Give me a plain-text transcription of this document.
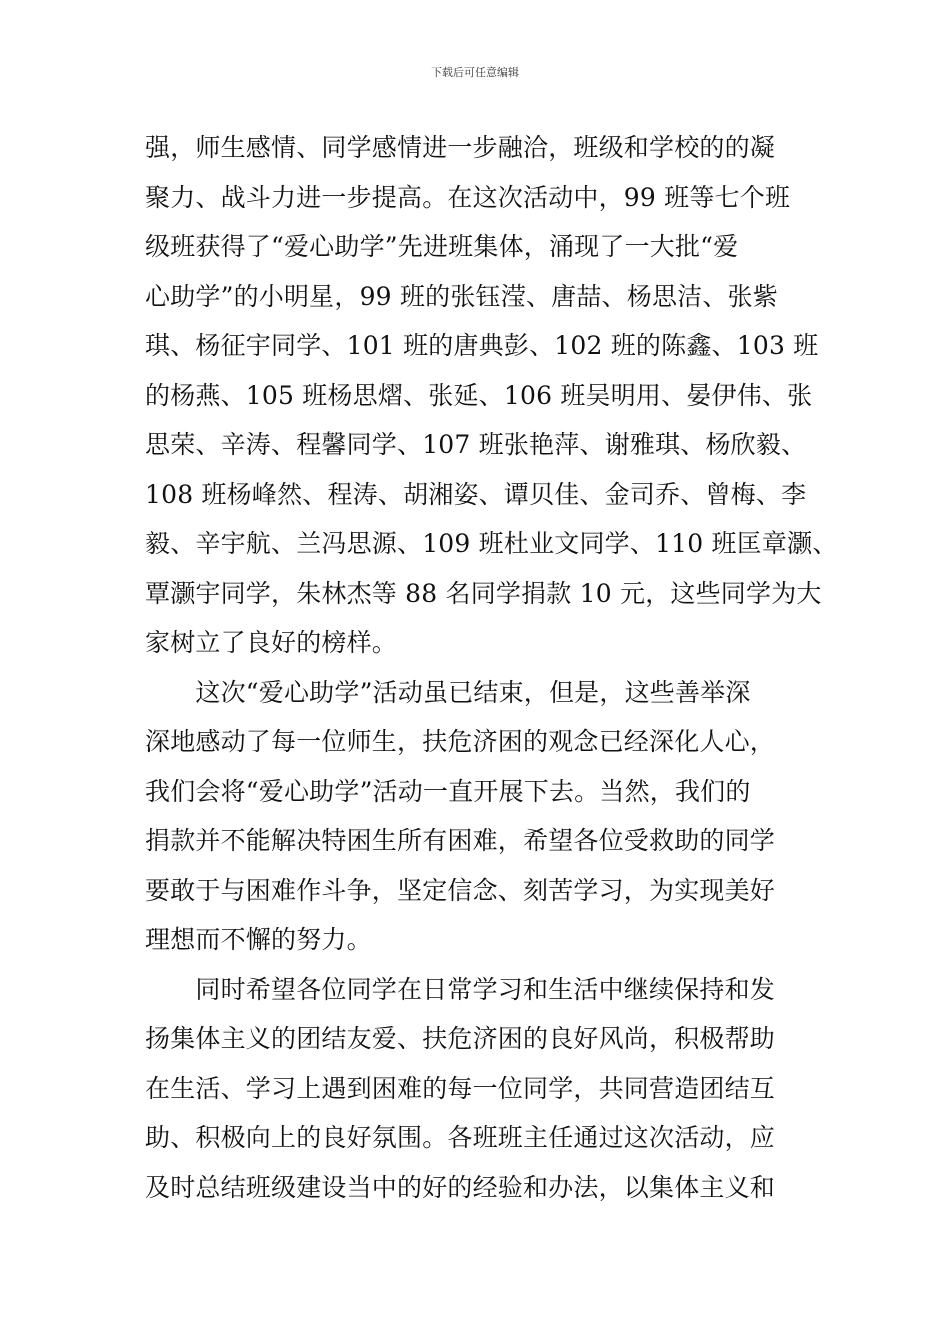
下载后可任意编辑
强，师生感情、同学感情进一步融洽，班级和学校的的凝
聚力、战斗力进一步提高。在这次活动中，99 班等七个班
级班获得了“爱心助学”先进班集体，涌现了一大批“爱
心助学”的小明星，99 班的张钰滢、唐喆、杨思洁、张紫
琪、杨征宇同学、101 班的唐典彭、102 班的陈鑫、103 班
的杨燕、105 班杨思熠、张延、106 班吴明用、晏伊伟、张
思荣、辛涛、程馨同学、107 班张艳萍、谢雅琪、杨欣毅、
108 班杨峰然、程涛、胡湘姿、谭贝佳、金司乔、曾梅、李
毅、辛宇航、兰冯思源、109 班杜业文同学、110 班匡章灏、
覃灏宇同学，朱林杰等 88 名同学捐款 10 元，这些同学为大
家树立了良好的榜样。
　　这次“爱心助学”活动虽已结束，但是，这些善举深
深地感动了每一位师生，扶危济困的观念已经深化人心，
我们会将“爱心助学”活动一直开展下去。当然，我们的
捐款并不能解决特困生所有困难，希望各位受救助的同学
要敢于与困难作斗争，坚定信念、刻苦学习，为实现美好
理想而不懈的努力。
　　同时希望各位同学在日常学习和生活中继续保持和发
扬集体主义的团结友爱、扶危济困的良好风尚，积极帮助
在生活、学习上遇到困难的每一位同学，共同营造团结互
助、积极向上的良好氛围。各班班主任通过这次活动，应
及时总结班级建设当中的好的经验和办法，以集体主义和
